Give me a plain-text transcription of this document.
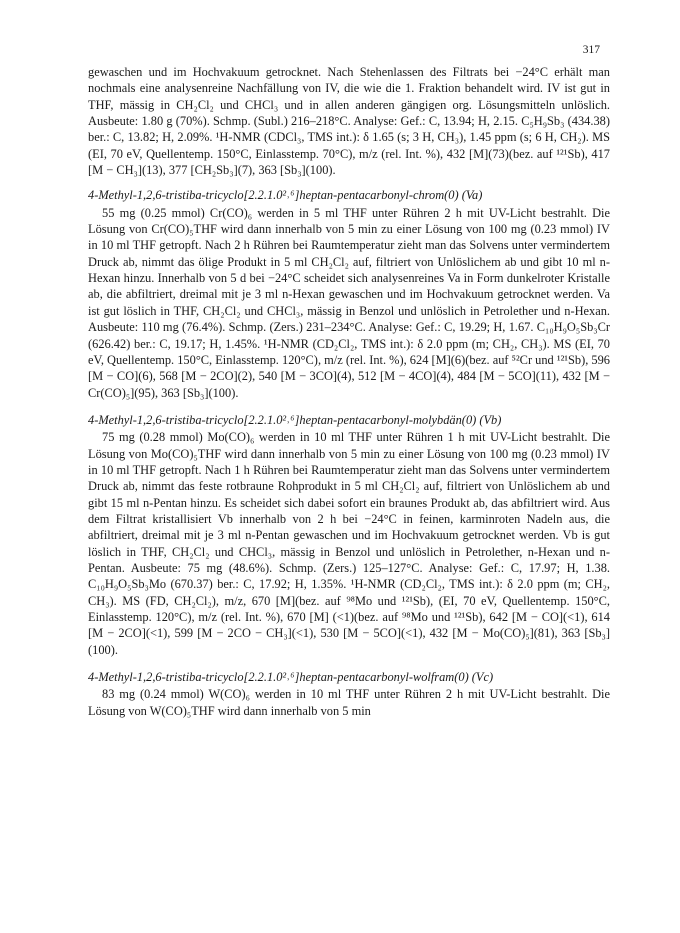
317

gewaschen und im Hochvakuum getrocknet. Nach Stehenlassen des Filtrats bei −24°C erhält man nochmals eine analysenreine Nachfällung von IV, die wie die 1. Fraktion behandelt wird. IV ist gut in THF, mässig in CH₂Cl₂ und CHCl₃ und in allen anderen gängigen org. Lösungsmitteln unlöslich. Ausbeute: 1.80 g (70%). Schmp. (Subl.) 216–218°C. Analyse: Gef.: C, 13.94; H, 2.15. C₅H₉Sb₃ (434.38) ber.: C, 13.82; H, 2.09%. ¹H-NMR (CDCl₃, TMS int.): δ 1.65 (s; 3 H, CH₃), 1.45 ppm (s; 6 H, CH₂). MS (EI, 70 eV, Quellentemp. 150°C, Einlasstemp. 70°C), m/z (rel. Int. %), 432 [M](73)(bez. auf ¹²¹Sb), 417 [M − CH₃](13), 377 [CH₂Sb₃](7), 363 [Sb₃](100).

4-Methyl-1,2,6-tristiba-tricyclo[2.2.1.0²˒⁶]heptan-pentacarbonyl-chrom(0) (Va)

55 mg (0.25 mmol) Cr(CO)₆ werden in 5 ml THF unter Rühren 2 h mit UV-Licht bestrahlt. Die Lösung von Cr(CO)₅THF wird dann innerhalb von 5 min zu einer Lösung von 100 mg (0.23 mmol) IV in 10 ml THF getropft. Nach 2 h Rühren bei Raumtemperatur zieht man das Solvens unter vermindertem Druck ab, nimmt das ölige Produkt in 5 ml CH₂Cl₂ auf, filtriert von Unlöslichem ab und gibt 10 ml n-Hexan hinzu. Innerhalb von 5 d bei −24°C scheidet sich analysenreines Va in Form dunkelroter Kristalle ab, die abfiltriert, dreimal mit je 3 ml n-Hexan gewaschen und im Hochvakuum getrocknet werden. Va ist gut löslich in THF, CH₂Cl₂ und CHCl₃, mässig in Benzol und unlöslich in Petrolether und n-Hexan. Ausbeute: 110 mg (76.4%). Schmp. (Zers.) 231–234°C. Analyse: Gef.: C, 19.29; H, 1.67. C₁₀H₉O₅Sb₃Cr (626.42) ber.: C, 19.17; H, 1.45%. ¹H-NMR (CD₂Cl₂, TMS int.): δ 2.0 ppm (m; CH₂, CH₃). MS (EI, 70 eV, Quellentemp. 150°C, Einlasstemp. 120°C), m/z (rel. Int. %), 624 [M](6)(bez. auf ⁵²Cr und ¹²¹Sb), 596 [M − CO](6), 568 [M − 2CO](2), 540 [M − 3CO](4), 512 [M − 4CO](4), 484 [M − 5CO](11), 432 [M − Cr(CO)₅](95), 363 [Sb₃](100).

4-Methyl-1,2,6-tristiba-tricyclo[2.2.1.0²˒⁶]heptan-pentacarbonyl-molybdän(0) (Vb)

75 mg (0.28 mmol) Mo(CO)₆ werden in 10 ml THF unter Rühren 1 h mit UV-Licht bestrahlt. Die Lösung von Mo(CO)₅THF wird dann innerhalb von 5 min zu einer Lösung von 100 mg (0.23 mmol) IV in 10 ml THF getropft. Nach 1 h Rühren bei Raumtemperatur zieht man das Solvens unter vermindertem Druck ab, nimmt das feste rotbraune Rohprodukt in 5 ml CH₂Cl₂ auf, filtriert von Unlöslichem ab und gibt 15 ml n-Pentan hinzu. Es scheidet sich dabei sofort ein braunes Produkt ab, das abfiltriert wird. Aus dem Filtrat kristallisiert Vb innerhalb von 2 h bei −24°C in feinen, karminroten Nadeln aus, die abfiltriert, dreimal mit je 3 ml n-Pentan gewaschen und im Hochvakuum getrocknet werden. Vb is gut löslich in THF, CH₂Cl₂ und CHCl₃, mässig in Benzol und unlöslich in Petrolether, n-Hexan und n-Pentan. Ausbeute: 75 mg (48.6%). Schmp. (Zers.) 125–127°C. Analyse: Gef.: C, 17.97; H, 1.38. C₁₀H₉O₅Sb₃Mo (670.37) ber.: C, 17.92; H, 1.35%. ¹H-NMR (CD₂Cl₂, TMS int.): δ 2.0 ppm (m; CH₂, CH₃). MS (FD, CH₂Cl₂), m/z, 670 [M](bez. auf ⁹⁸Mo und ¹²¹Sb), (EI, 70 eV, Quellentemp. 150°C, Einlasstemp. 120°C), m/z (rel. Int. %), 670 [M] (<1)(bez. auf ⁹⁸Mo und ¹²¹Sb), 642 [M − CO](<1), 614 [M − 2CO](<1), 599 [M − 2CO − CH₃](<1), 530 [M − 5CO](<1), 432 [M − Mo(CO)₅](81), 363 [Sb₃](100).

4-Methyl-1,2,6-tristiba-tricyclo[2.2.1.0²˒⁶]heptan-pentacarbonyl-wolfram(0) (Vc)

83 mg (0.24 mmol) W(CO)₆ werden in 10 ml THF unter Rühren 2 h mit UV-Licht bestrahlt. Die Lösung von W(CO)₅THF wird dann innerhalb von 5 min
